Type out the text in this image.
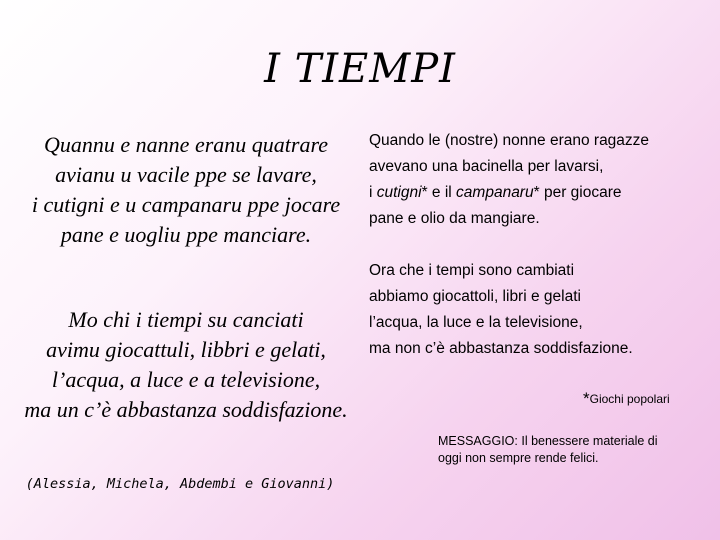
I TIEMPI

Quannu e nanne eranu quatrare

avianu u vacile ppe se lavare,

i cutigni e u campanaru ppe jocare

pane e uogliu ppe manciare.

Mo chi i tiempi su canciati

avimu giocattuli, libbri e gelati,

l’acqua, a luce e a televisione,

ma un c’è abbastanza soddisfazione.

(Alessia, Michela, Abdembi e Giovanni)

Quando le (nostre) nonne erano ragazze

avevano una bacinella per lavarsi,

i cutigni* e il campanaru* per giocare

pane e olio da mangiare.

Ora che i tempi sono cambiati

abbiamo giocattoli, libri e gelati

l’acqua, la luce e la televisione,

ma non c’è abbastanza soddisfazione.

*Giochi popolari
MESSAGGIO: Il benessere materiale di
oggi non sempre rende felici.
